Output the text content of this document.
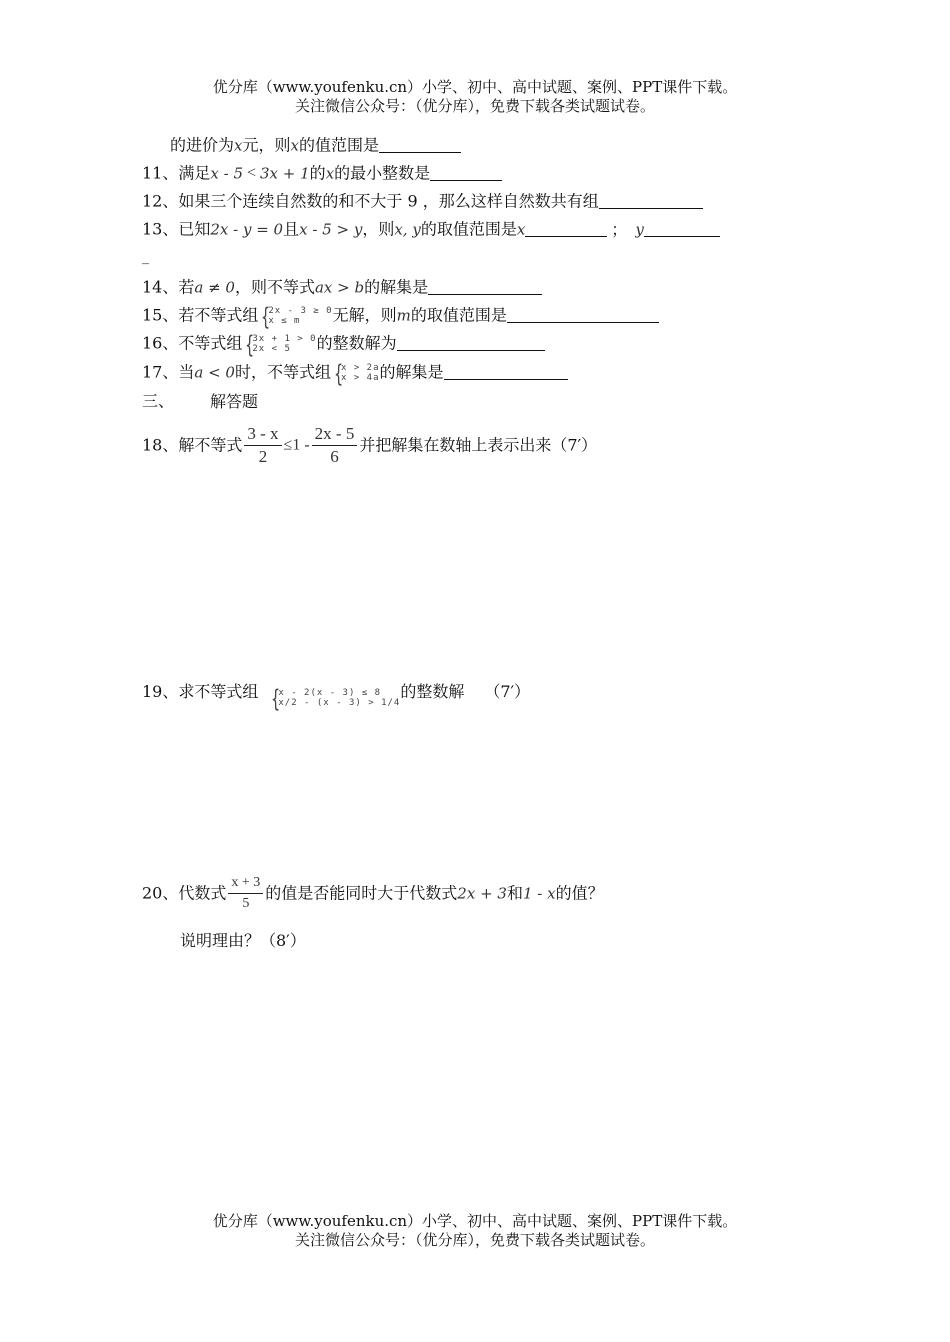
优分库（www.youfenku.cn）小学、初中、高中试题、案例、PPT课件下载。
关注微信公众号：（优分库），免费下载各类试题试卷。
的进价为x元，则x的值范围是
11、满足x - 5 < 3x + 1的x的最小整数是
12、如果三个连续自然数的和不大于 9 ，那么这样自然数共有组
13、已知2x - y = 0且x - 5 > y，则x, y的取值范围是x	； y
_
14、若a ≠ 0，则不等式ax > b的解集是
15、若不等式组 {
2x - 3 ≥ 0
x ≤ m	无解，则m的取值范围是
16、不等式组 {
3x + 1 > 0
2x < 5	的整数解为
17、当a < 0时，不等式组 {
x > 2a
x > 4a 的解集是
三、 解答题
18、解不等式 $\frac{3 - x}{2} \le 1 - \frac{2x - 5}{6}$ 并把解集在数轴上表示出来（7′）
19、求不等式组 {
x - 2(x - 3) ≤ 8
x/2 - (x - 3) > 1/4
的整数解 （7′）
20、代数式 $\frac{x + 3}{5}$ 的值是否能同时大于代数式2x + 3和1 - x的值？
说明理由？（8′）
优分库（www.youfenku.cn）小学、初中、高中试题、案例、PPT课件下载。
关注微信公众号：（优分库），免费下载各类试题试卷。
